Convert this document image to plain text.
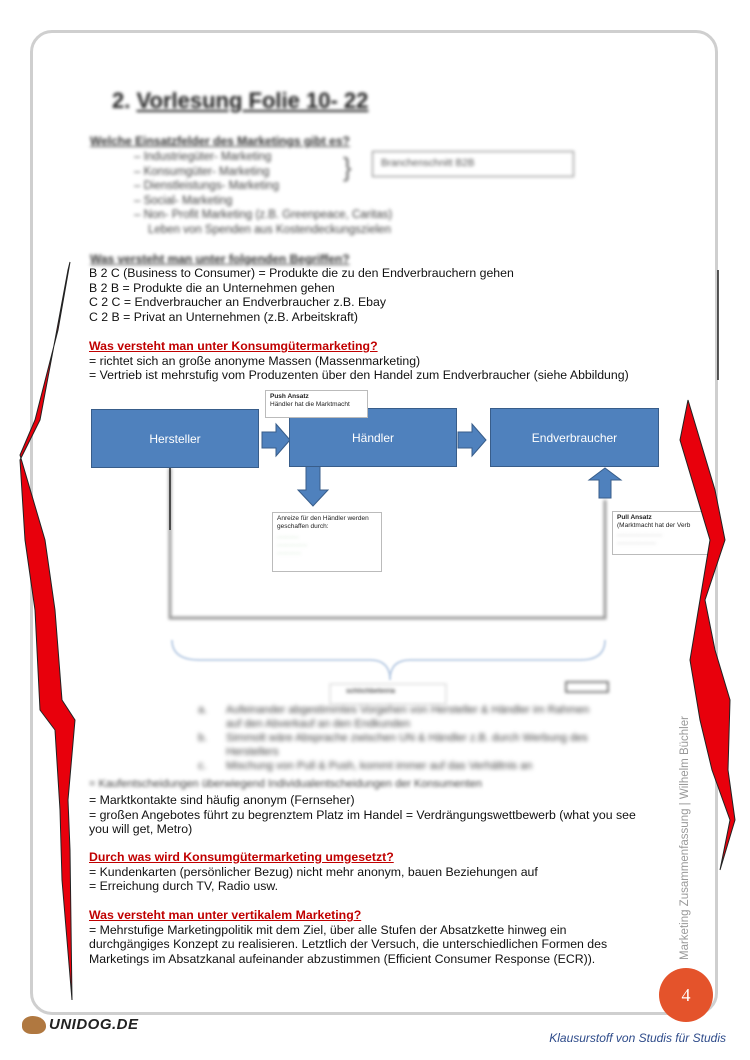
2. Vorlesung Folie 10- 22
Welche Einsatzfelder des Marketings gibt es?
– Industriegüter- Marketing
– Konsumgüter- Marketing
– Dienstleistungs- Marketing
– Social- Marketing
– Non- Profit Marketing (z.B. Greenpeace, Caritas)
Leben von Spenden aus Kostendeckungszielen
}	Branchenschnitt B2B
Was versteht man unter folgenden Begriffen?
B 2 C (Business to Consumer) = Produkte die zu den Endverbrauchern gehen
B 2 B = Produkte die an Unternehmen gehen
C 2 C = Endverbraucher an Endverbraucher z.B. Ebay
C 2 B = Privat an Unternehmen (z.B. Arbeitskraft)
Was versteht man unter Konsumgütermarketing?
= richtet sich an große anonyme Massen (Massenmarketing)
= Vertrieb ist mehrstufig vom Produzenten über den Handel zum Endverbraucher (siehe Abbildung)
Hersteller	Händler	Endverbraucher
Push Ansatz
Händler hat die Marktmacht
Anreize für den Händler werden geschaffen durch:
··········
··············
···········
Pull Ansatz
(Marktmacht hat der Verb
·····················
··················
schlichbeteiria
a. Aufeinander abgestimmtes Vorgehen von Hersteller & Händler im Rahmen
auf den Abverkauf an den Endkunden
b. Simmolt wäre Absprache zwischen UN & Händler z.B. durch Werbung des
Herstellers
c. Mischung von Pull & Push, kommt immer auf das Verhältnis an
= Kaufentscheidungen überwiegend Individualentscheidungen der Konsumenten
= Marktkontakte sind häufig anonym (Fernseher)
= großen Angebotes führt zu begrenztem Platz im Handel = Verdrängungswettbewerb (what you see
you will get, Metro)
Durch was wird Konsumgütermarketing umgesetzt?
= Kundenkarten (persönlicher Bezug) nicht mehr anonym, bauen Beziehungen auf
= Erreichung durch TV, Radio usw.
Was versteht man unter vertikalem Marketing?
= Mehrstufige Marketingpolitik mit dem Ziel, über alle Stufen der Absatzkette hinweg ein
durchgängiges Konzept zu realisieren. Letztlich der Versuch, die unterschiedlichen Formen des
Marketings im Absatzkanal aufeinander abzustimmen (Efficient Consumer Response (ECR)).	Marketing Zusammenfassung | Wilhelm Büchler
4
UNIDOG.DE
Klausurstoff von Studis für Studis
